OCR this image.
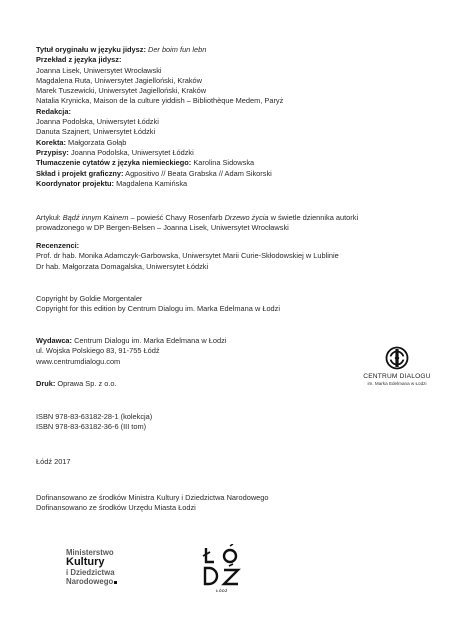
Tytuł oryginału w języku jidysz: Der boim fun lebn
Przekład z języka jidysz:
Joanna Lisek, Uniwersytet Wrocławski
Magdalena Ruta, Uniwersytet Jagielloński, Kraków
Marek Tuszewicki, Uniwersytet Jagielloński, Kraków
Natalia Krynicka, Maison de la culture yiddish – Bibliothèque Medem, Paryż
Redakcja:
Joanna Podolska, Uniwersytet Łódzki
Danuta Szajnert, Uniwersytet Łódzki
Korekta: Małgorzata Gołąb
Przypisy: Joanna Podolska, Uniwersytet Łódzki
Tłumaczenie cytatów z języka niemieckiego: Karolina Sidowska
Skład i projekt graficzny: Agpositivo // Beata Grabska // Adam Sikorski
Koordynator projektu: Magdalena Kamińska
Artykuł: Bądź innym Kainem – powieść Chavy Rosenfarb Drzewo życia w świetle dziennika autorki
prowadzonego w DP Bergen-Belsen – Joanna Lisek, Uniwersytet Wrocławski
Recenzenci:
Prof. dr hab. Monika Adamczyk-Garbowska, Uniwersytet Marii Curie-Skłodowskiej w Lublinie
Dr hab. Małgorzata Domagalska, Uniwersytet Łódzki
Copyright by Goldie Morgentaler
Copyright for this edition by Centrum Dialogu im. Marka Edelmana w Łodzi
Wydawca: Centrum Dialogu im. Marka Edelmana w Łodzi
ul. Wojska Polskiego 83, 91-755 Łódź
www.centrumdialogu.com
CENTRUM DIALOGU
im. Marka Edelmana w Łodzi
Druk: Oprawa Sp. z o.o.
ISBN 978-83-63182-28-1 (kolekcja)
ISBN 978-83-63182-36-6 (III tom)
Łódź 2017
Dofinansowano ze środków Ministra Kultury i Dziedzictwa Narodowego
Dofinansowano ze środków Urzędu Miasta Łodzi
Ministerstwo
Kultury
i Dziedzictwa
Narodowego
ŁÓDŹ
